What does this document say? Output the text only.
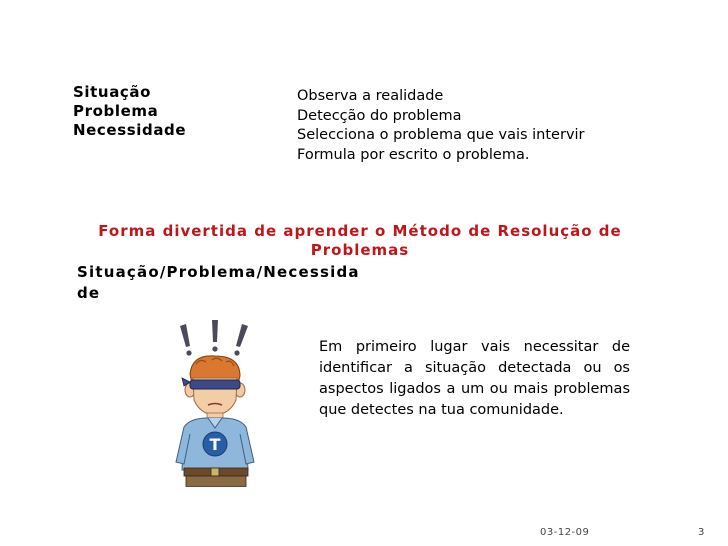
Situação
Problema
Necessidade
Observa a realidade
Detecção do problema
Selecciona o problema que vais intervir
Formula por escrito o problema.
Forma divertida de aprender o Método de Resolução de Problemas
Situação/Problema/Necessidade
T
Em primeiro lugar vais necessitar de identificar a situação detectada ou os aspectos ligados a um ou mais problemas que detectes na tua comunidade.
03-12-09	3
